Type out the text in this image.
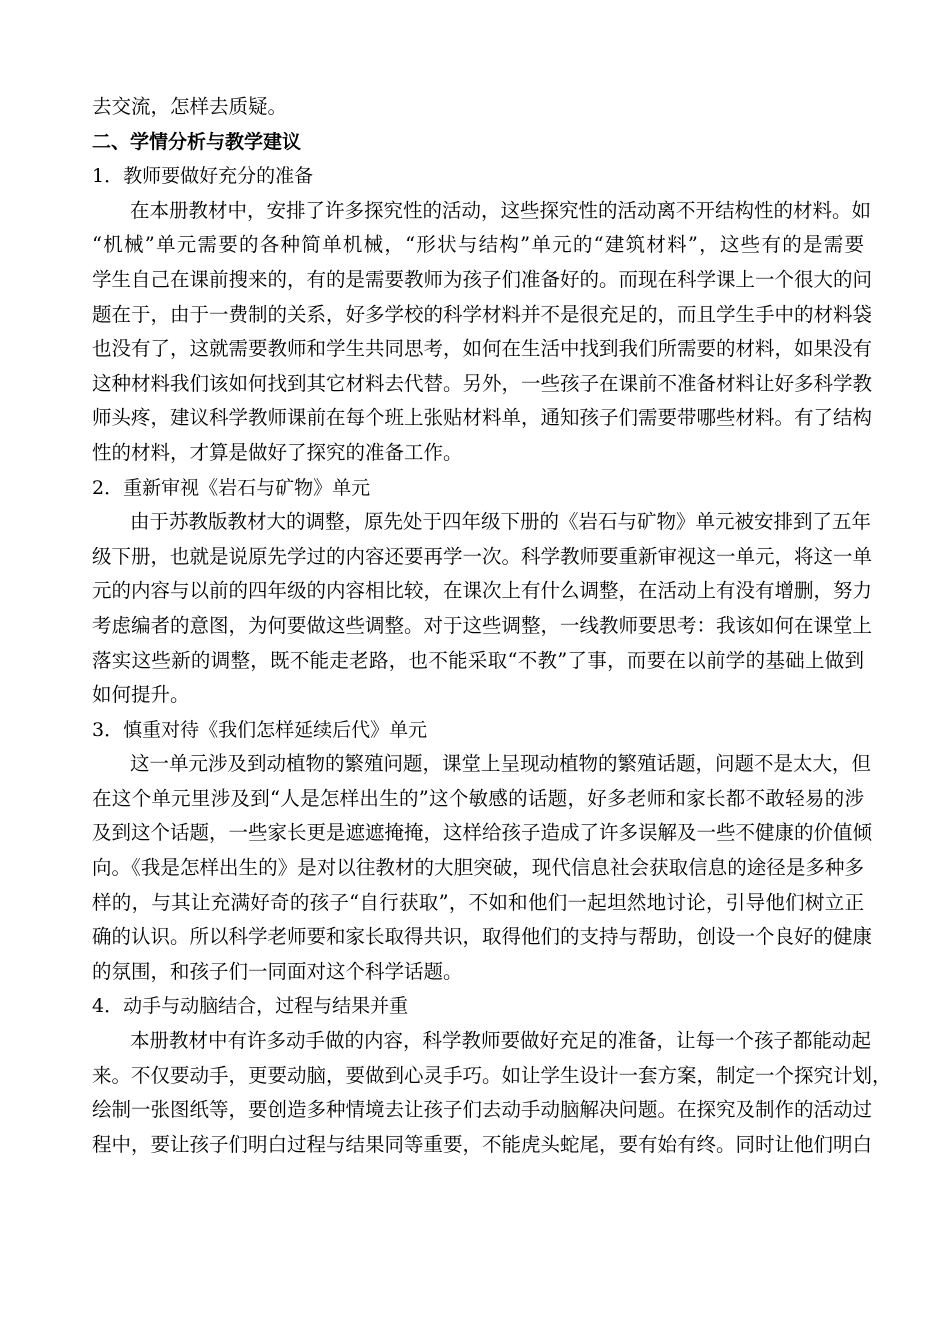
去交流，怎样去质疑。
二、学情分析与教学建议
1．教师要做好充分的准备
在本册教材中，安排了许多探究性的活动，这些探究性的活动离不开结构性的材料。如
“机械”单元需要的各种简单机械，“形状与结构”单元的“建筑材料”，这些有的是需要
学生自己在课前搜来的，有的是需要教师为孩子们准备好的。而现在科学课上一个很大的问
题在于，由于一费制的关系，好多学校的科学材料并不是很充足的，而且学生手中的材料袋
也没有了，这就需要教师和学生共同思考，如何在生活中找到我们所需要的材料，如果没有
这种材料我们该如何找到其它材料去代替。另外，一些孩子在课前不准备材料让好多科学教
师头疼，建议科学教师课前在每个班上张贴材料单，通知孩子们需要带哪些材料。有了结构
性的材料，才算是做好了探究的准备工作。
2．重新审视《岩石与矿物》单元
由于苏教版教材大的调整，原先处于四年级下册的《岩石与矿物》单元被安排到了五年
级下册，也就是说原先学过的内容还要再学一次。科学教师要重新审视这一单元，将这一单
元的内容与以前的四年级的内容相比较，在课次上有什么调整，在活动上有没有增删，努力
考虑编者的意图，为何要做这些调整。对于这些调整，一线教师要思考：我该如何在课堂上
落实这些新的调整，既不能走老路，也不能采取“不教”了事，而要在以前学的基础上做到
如何提升。
3．慎重对待《我们怎样延续后代》单元
这一单元涉及到动植物的繁殖问题，课堂上呈现动植物的繁殖话题，问题不是太大，但
在这个单元里涉及到“人是怎样出生的”这个敏感的话题，好多老师和家长都不敢轻易的涉
及到这个话题，一些家长更是遮遮掩掩，这样给孩子造成了许多误解及一些不健康的价值倾
向。《我是怎样出生的》是对以往教材的大胆突破，现代信息社会获取信息的途径是多种多
样的，与其让充满好奇的孩子“自行获取”，不如和他们一起坦然地讨论，引导他们树立正
确的认识。所以科学老师要和家长取得共识，取得他们的支持与帮助，创设一个良好的健康
的氛围，和孩子们一同面对这个科学话题。
4．动手与动脑结合，过程与结果并重
本册教材中有许多动手做的内容，科学教师要做好充足的准备，让每一个孩子都能动起
来。不仅要动手，更要动脑，要做到心灵手巧。如让学生设计一套方案，制定一个探究计划，
绘制一张图纸等，要创造多种情境去让孩子们去动手动脑解决问题。在探究及制作的活动过
程中，要让孩子们明白过程与结果同等重要，不能虎头蛇尾，要有始有终。同时让他们明白
